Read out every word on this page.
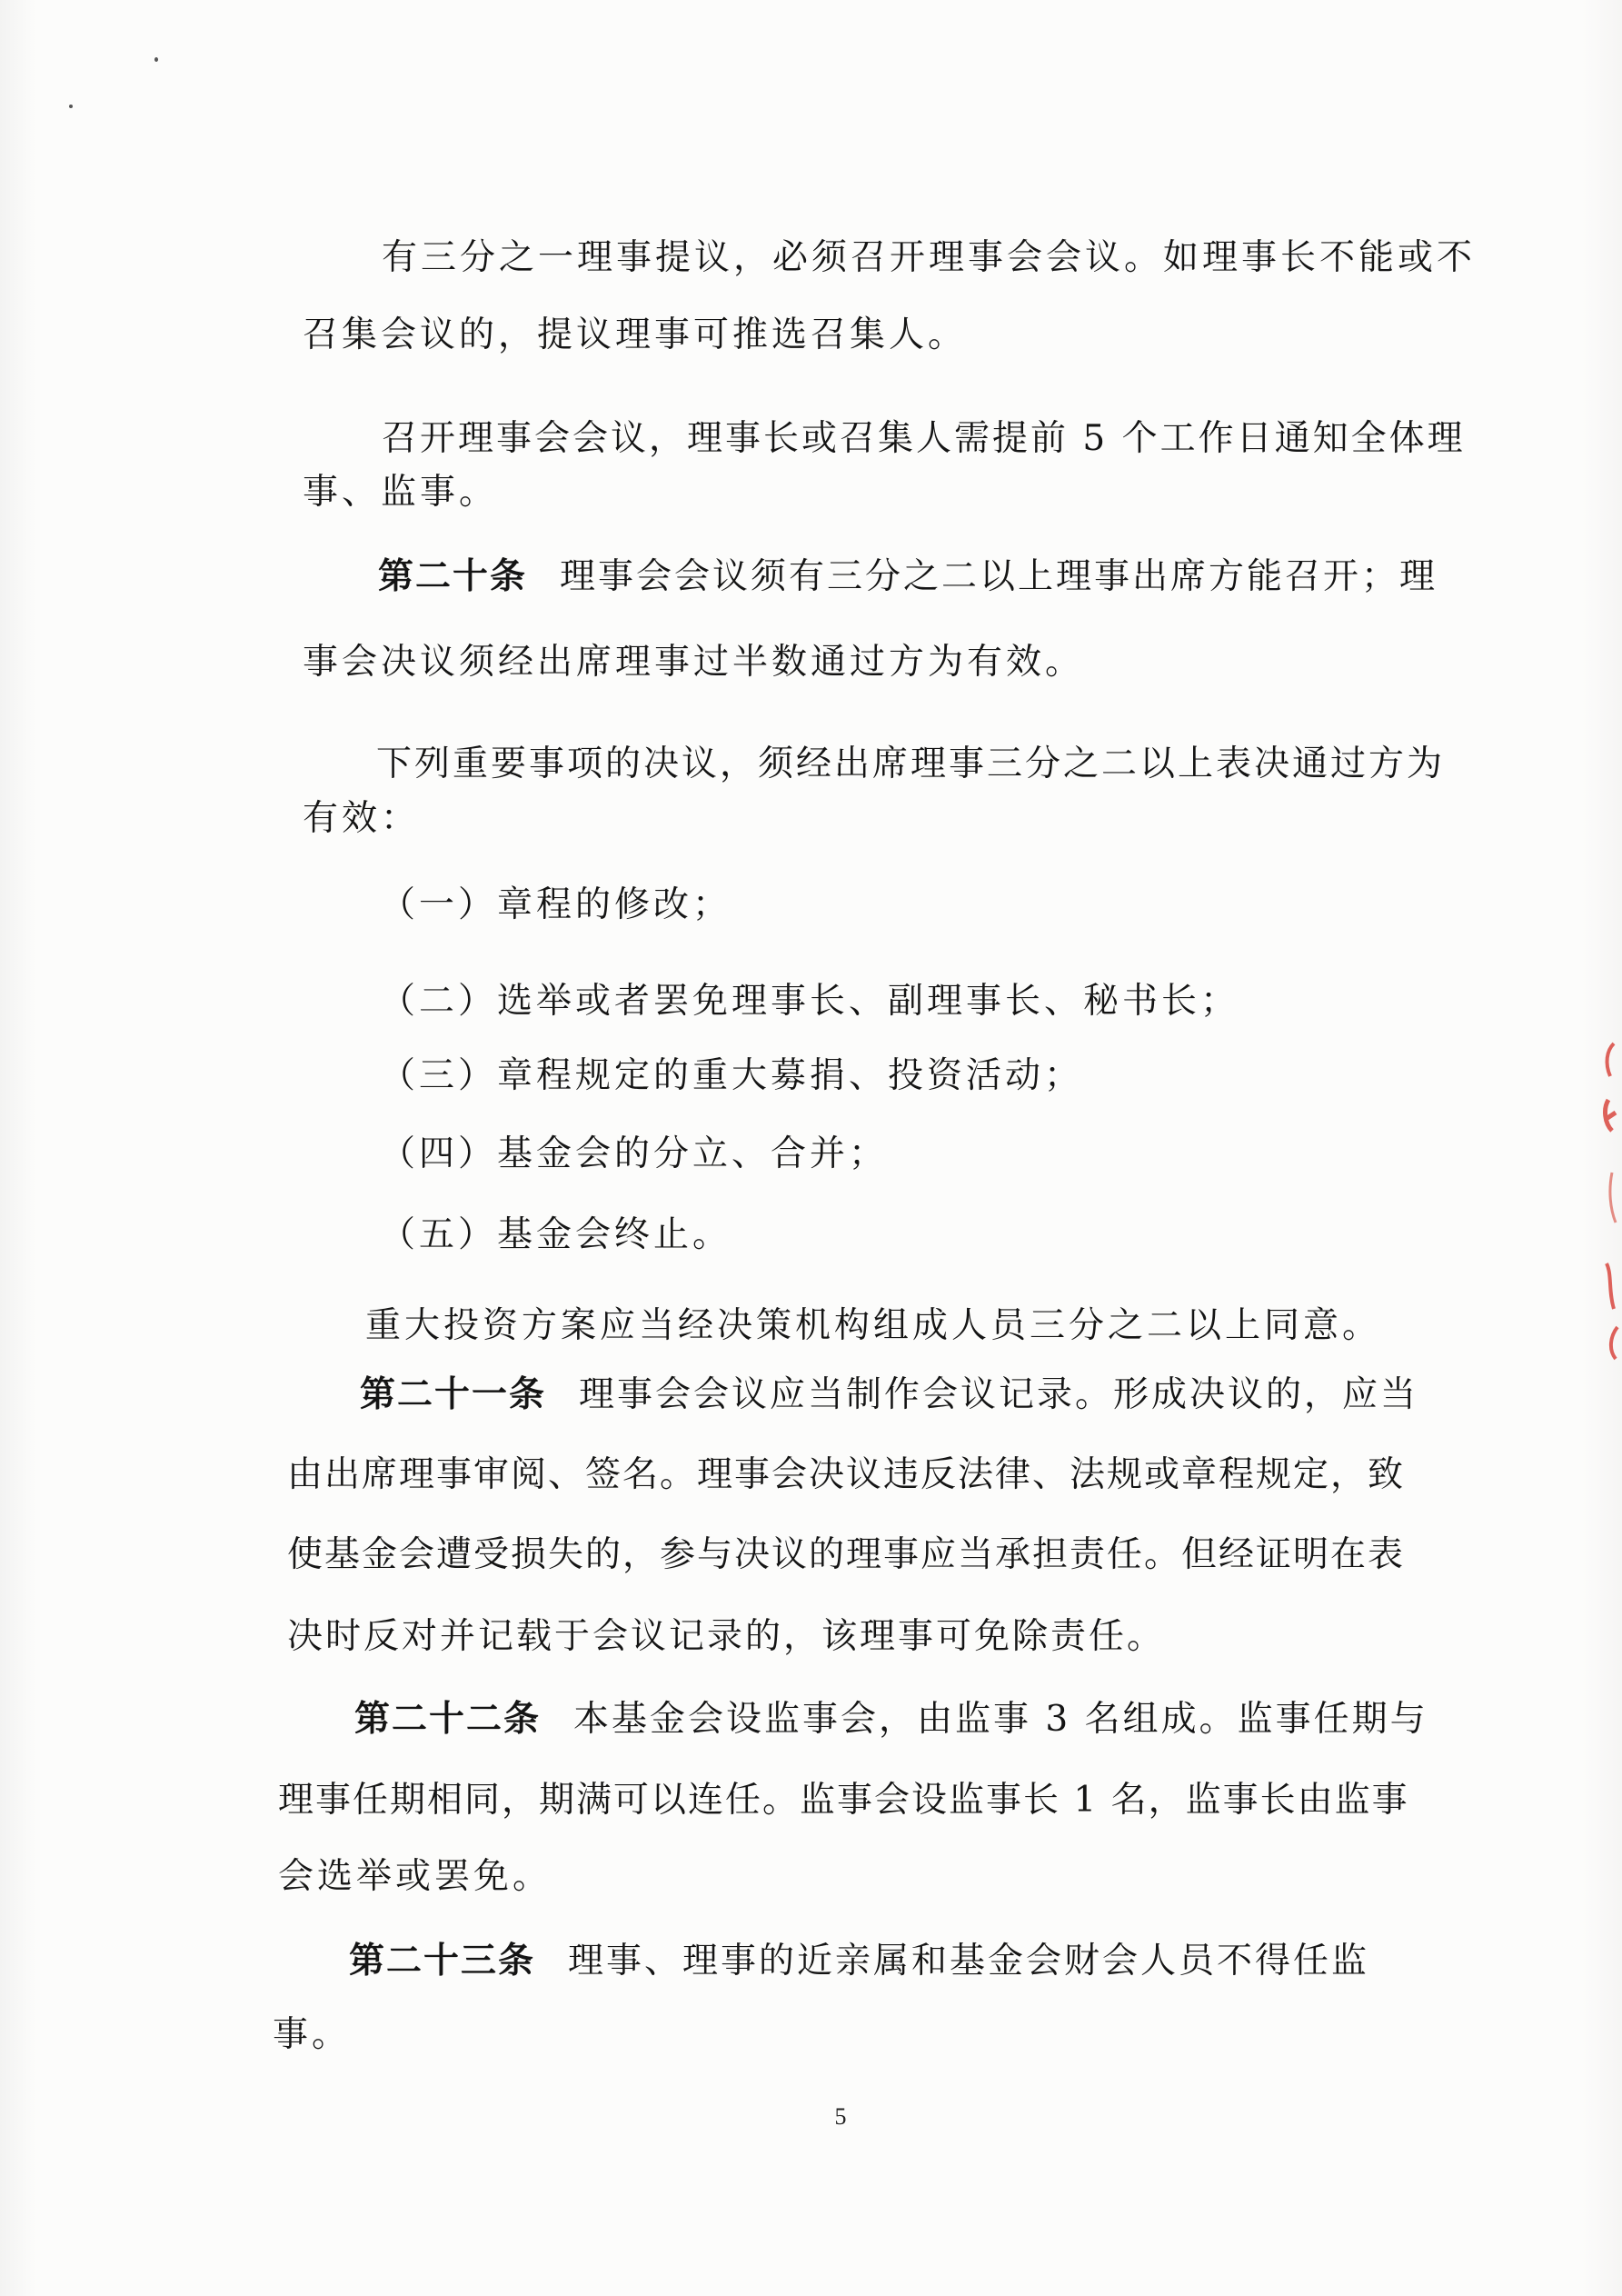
有三分之一理事提议，必须召开理事会会议。如理事长不能或不

召集会议的，提议理事可推选召集人。

召开理事会会议，理事长或召集人需提前 5 个工作日通知全体理

事、监事。

第二十条 理事会会议须有三分之二以上理事出席方能召开；理

事会决议须经出席理事过半数通过方为有效。

下列重要事项的决议，须经出席理事三分之二以上表决通过方为

有效：

（一）章程的修改；

（二）选举或者罢免理事长、副理事长、秘书长；

（三）章程规定的重大募捐、投资活动；

（四）基金会的分立、合并；

（五）基金会终止。

重大投资方案应当经决策机构组成人员三分之二以上同意。

第二十一条 理事会会议应当制作会议记录。形成决议的，应当

由出席理事审阅、签名。理事会决议违反法律、法规或章程规定，致

使基金会遭受损失的，参与决议的理事应当承担责任。但经证明在表

决时反对并记载于会议记录的，该理事可免除责任。

第二十二条 本基金会设监事会，由监事 3 名组成。监事任期与

理事任期相同，期满可以连任。监事会设监事长 1 名，监事长由监事

会选举或罢免。

第二十三条 理事、理事的近亲属和基金会财会人员不得任监

事。

5
